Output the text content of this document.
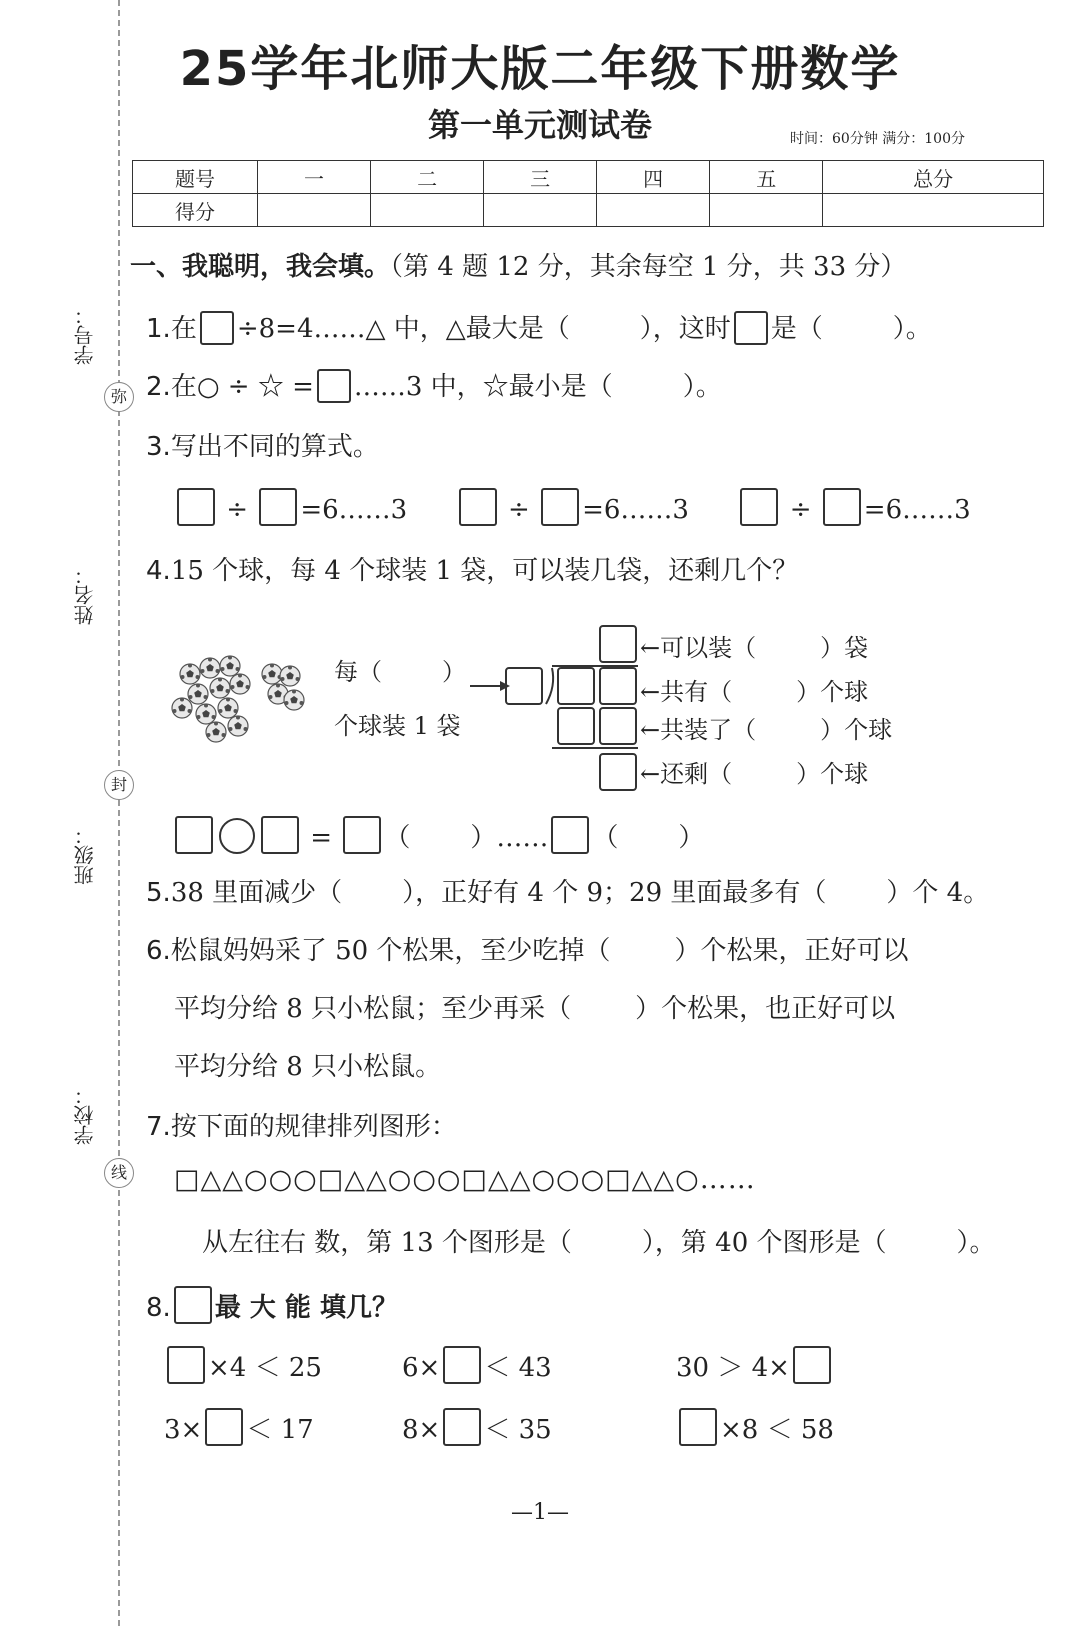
学号：
姓名：
班级：
学校：
弥
封
线
25学年北师大版二年级下册数学
第一单元测试卷	时间：60分钟 满分：100分
题号	一	二	三	四	五	总分
得分						
一、我聪明，我会填。（第 4 题 12 分，其余每空 1 分，共 33 分）
1.在 ÷8=4……△ 中，△最大是（	），这时 是（	）。
2.在○ ÷ ☆ = ……3 中，☆最小是（	）。
3.写出不同的算式。
÷ =6……3	÷ =6……3	÷ =6……3
4.15 个球，每 4 个球装 1 袋，可以装几袋，还剩几个？
每（	）
个球装 1 袋
←可以装（	）袋
←共有（	）个球
←共装了（	）个球
←还剩（	）个球
= （ ）…… （ ）
5.38 里面减少（ ），正好有 4 个 9；29 里面最多有（ ）个 4。
6.松鼠妈妈采了 50 个松果，至少吃掉（ ）个松果，正好可以
平均分给 8 只小松鼠；至少再采（ ）个松果，也正好可以
平均分给 8 只小松鼠。
7.按下面的规律排列图形：
□△△○○○□△△○○○□△△○○○□△△○……
从左往右 数，第 13 个图形是（	），第 40 个图形是（	）。
8. 最 大 能 填几？
×4 ＜ 25	6× ＜ 43	30 ＞ 4×
3× ＜ 17	8× ＜ 35	×8 ＜ 58
—1—
